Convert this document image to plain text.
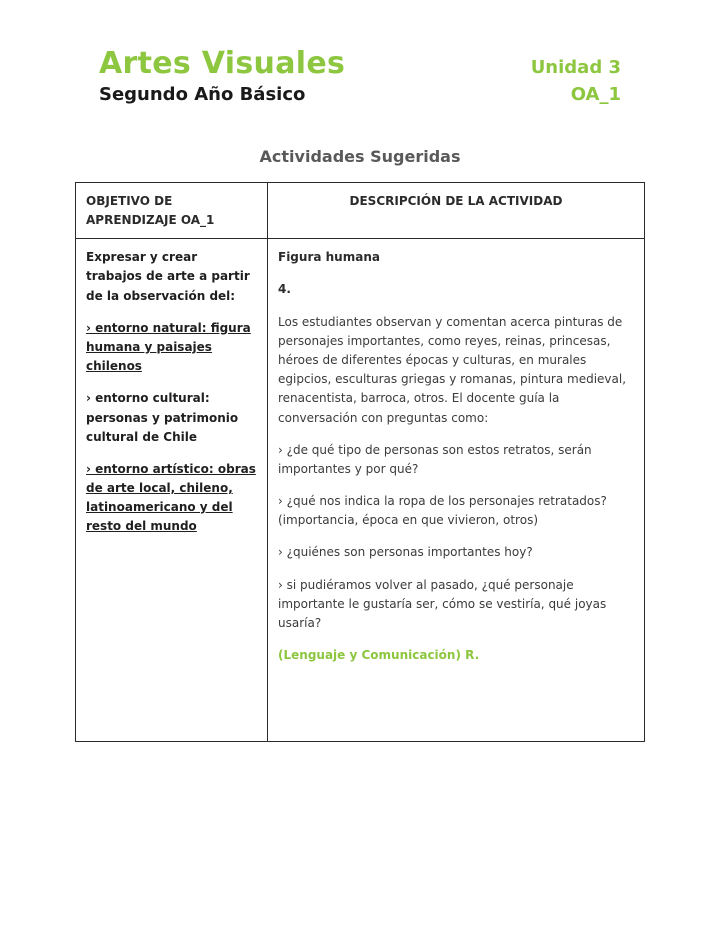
Artes Visuales	Unidad 3
Segundo Año Básico	OA_1
Actividades Sugeridas
OBJETIVO DE APRENDIZAJE OA_1
DESCRIPCIÓN DE LA ACTIVIDAD

Expresar y crear trabajos de arte a partir de la observación del:

› entorno natural: figura humana y paisajes chilenos

› entorno cultural: personas y patrimonio cultural de Chile

› entorno artístico: obras de arte local, chileno, latinoamericano y del resto del mundo

Figura humana

4.

Los estudiantes observan y comentan acerca pinturas de personajes importantes, como reyes, reinas, princesas, héroes de diferentes épocas y culturas, en murales egipcios, esculturas griegas y romanas, pintura medieval, renacentista, barroca, otros. El docente guía la conversación con preguntas como:

› ¿de qué tipo de personas son estos retratos, serán importantes y por qué?

› ¿qué nos indica la ropa de los personajes retratados? (importancia, época en que vivieron, otros)

› ¿quiénes son personas importantes hoy?

› si pudiéramos volver al pasado, ¿qué personaje importante le gustaría ser, cómo se vestiría, qué joyas usaría?

(Lenguaje y Comunicación) R.
